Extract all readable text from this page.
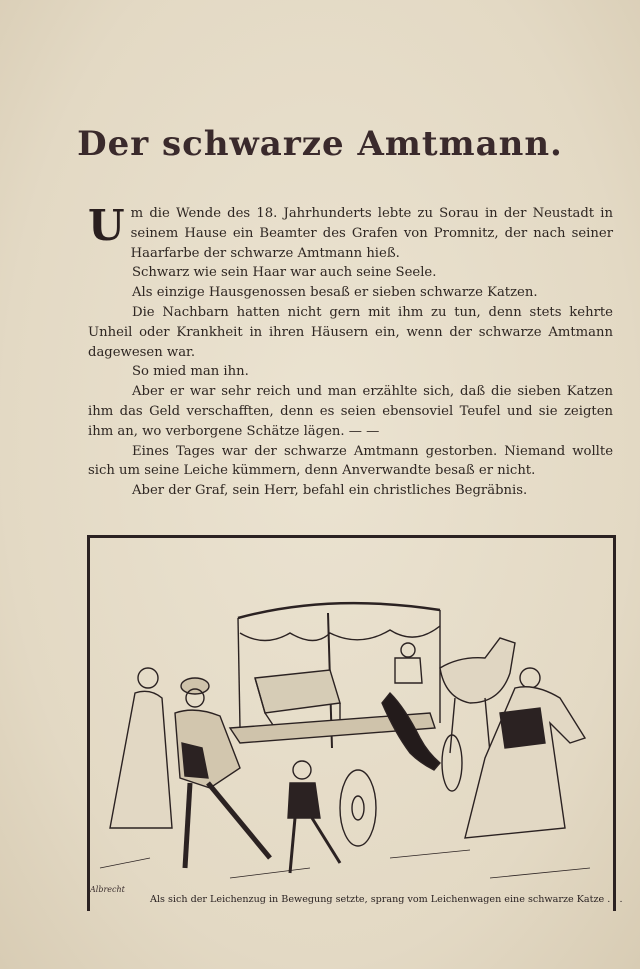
Der schwarze Amtmann.

Um die Wende des 18. Jahrhunderts lebte zu Sorau in der Neustadt in seinem Hause ein Beamter des Grafen von Promnitz, der nach seiner Haarfarbe der schwarze Amtmann hieß.

Schwarz wie sein Haar war auch seine Seele.

Als einzige Hausgenossen besaß er sieben schwarze Katzen.

Die Nachbarn hatten nicht gern mit ihm zu tun, denn stets kehrte Unheil oder Krankheit in ihren Häusern ein, wenn der schwarze Amtmann dagewesen war.

So mied man ihn.

Aber er war sehr reich und man erzählte sich, daß die sieben Katzen ihm das Geld verschafften, denn es seien ebensoviel Teufel und sie zeigten ihm an, wo verborgene Schätze lägen. — —

Eines Tages war der schwarze Amtmann gestorben. Niemand wollte sich um seine Leiche kümmern, denn Anverwandte besaß er nicht.

Aber der Graf, sein Herr, befahl ein christliches Begräbnis.

Albrecht
Als sich der Leichenzug in Bewegung setzte, sprang vom Leichenwagen eine schwarze Katze . . .
